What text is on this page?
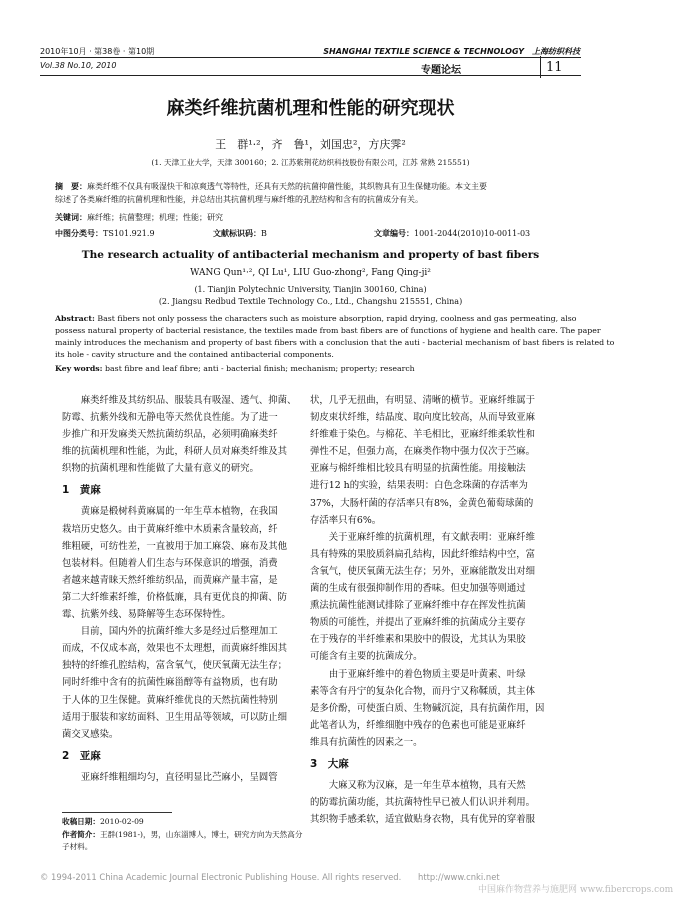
2010年10月 · 第38卷 · 第10期
Vol.38 No.10, 2010
SHANGHAI TEXTILE SCIENCE & TECHNOLOGY　上海纺织科技
专题论坛	11
麻类纤维抗菌机理和性能的研究现状
王　群¹·²，齐　鲁¹，刘国忠²，方庆霁²
(1. 天津工业大学，天津 300160；2. 江苏紫荆花纺织科技股份有限公司，江苏 常熟 215551)
摘　要：麻类纤维不仅具有吸湿快干和凉爽透气等特性，还具有天然的抗菌抑菌性能，其织物具有卫生保健功能。本文主要
综述了各类麻纤维的抗菌机理和性能，并总结出其抗菌机理与麻纤维的孔腔结构和含有的抗菌成分有关。
关键词：麻纤维；抗菌整理；机理；性能；研究
中图分类号：TS101.921.9	文献标识码：B	文章编号：1001-2044(2010)10-0011-03
The research actuality of antibacterial mechanism and property of bast fibers
WANG Qun¹·², QI Lu¹, LIU Guo-zhong², Fang Qing-ji²
(1. Tianjin Polytechnic University, Tianjin 300160, China)
(2. Jiangsu Redbud Textile Technology Co., Ltd., Changshu 215551, China)
Abstract: Bast fibers not only possess the characters such as moisture absorption, rapid drying, coolness and gas permeating, also
possess natural property of bacterial resistance, the textiles made from bast fibers are of functions of hygiene and health care. The paper
mainly introduces the mechanism and property of bast fibers with a conclusion that the auti - bacterial mechanism of bast fibers is related to
its hole - cavity structure and the contained antibacterial components.
Key words: bast fibre and leaf fibre; anti - bacterial finish; mechanism; property; research

麻类纤维及其纺织品、服装具有吸湿、透气、抑菌、

防霉、抗紫外线和无静电等天然优良性能。为了进一

步推广和开发麻类天然抗菌纺织品，必须明确麻类纤

维的抗菌机理和性能，为此，科研人员对麻类纤维及其

织物的抗菌机理和性能做了大量有意义的研究。

1　黄麻

黄麻是椴树科黄麻属的一年生草本植物，在我国

栽培历史悠久。由于黄麻纤维中木质素含量较高，纤

维粗硬，可纺性差，一直被用于加工麻袋、麻布及其他

包装材料。但随着人们生态与环保意识的增强，消费

者越来越青睐天然纤维纺织品，而黄麻产量丰富，是

第二大纤维素纤维，价格低廉，具有更优良的抑菌、防

霉、抗紫外线、易降解等生态环保特性。

目前，国内外的抗菌纤维大多是经过后整理加工

而成，不仅成本高，效果也不太理想，而黄麻纤维因其

独特的纤维孔腔结构，富含氧气，使厌氧菌无法生存；

同时纤维中含有的抗菌性麻甾醇等有益物质，也有助

于人体的卫生保健。黄麻纤维优良的天然抗菌性特别

适用于服装和家纺面料、卫生用品等领域，可以防止细

菌交叉感染。

2　亚麻

亚麻纤维粗细均匀，直径明显比苎麻小，呈圆管

收稿日期：2010-02-09
作者简介：王群(1981-)，男，山东淄博人，博士，研究方向为天然高分
子材料。

状，几乎无扭曲，有明显、清晰的横节。亚麻纤维属于

韧皮束状纤维，结晶度、取向度比较高，从而导致亚麻

纤维难于染色。与棉花、羊毛相比，亚麻纤维柔软性和

弹性不足，但强力高，在麻类作物中强力仅次于苎麻。

亚麻与棉纤维相比较具有明显的抗菌性能。用接触法

进行12 h的实验，结果表明：白色念珠菌的存活率为

37%，大肠杆菌的存活率只有8%，金黄色葡萄球菌的

存活率只有6%。

关于亚麻纤维的抗菌机理，有文献表明：亚麻纤维

具有特殊的果胶质斜扁孔结构，因此纤维结构中空，富

含氧气，使厌氧菌无法生存；另外，亚麻能散发出对细

菌的生成有很强抑制作用的香味。但史加强等则通过

熏法抗菌性能测试排除了亚麻纤维中存在挥发性抗菌

物质的可能性，并提出了亚麻纤维的抗菌成分主要存

在于残存的半纤维素和果胶中的假设，尤其认为果胶

可能含有主要的抗菌成分。

由于亚麻纤维中的着色物质主要是叶黄素、叶绿

素等含有丹宁的复杂化合物，而丹宁又称鞣质，其主体

是多价酚，可使蛋白质、生物碱沉淀，具有抗菌作用，因

此笔者认为，纤维细胞中残存的色素也可能是亚麻纤

维具有抗菌性的因素之一。

3　大麻

大麻又称为汉麻，是一年生草本植物，具有天然

的防霉抗菌功能，其抗菌特性早已被人们认识并利用。

其织物手感柔软，适宜做贴身衣物，具有优异的穿着服

© 1994-2011 China Academic Journal Electronic Publishing House. All rights reserved.　　http://www.cnki.net
中国麻作物营养与施肥网 www.fibercrops.com
